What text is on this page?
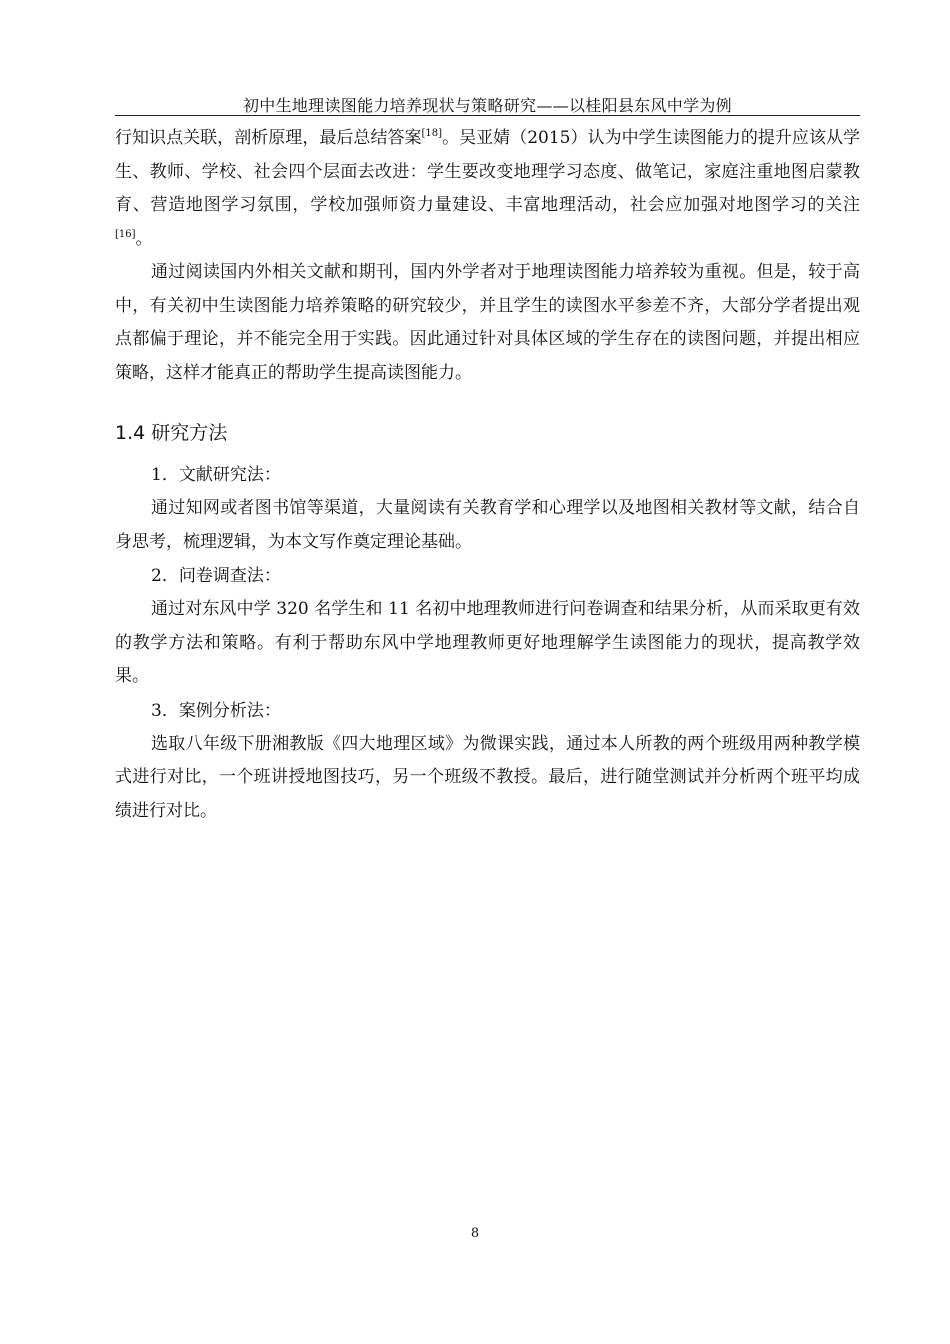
初中生地理读图能力培养现状与策略研究——以桂阳县东风中学为例

行知识点关联，剖析原理，最后总结答案[18]。吴亚婧（2015）认为中学生读图能力的提升应该从学生、教师、学校、社会四个层面去改进：学生要改变地理学习态度、做笔记，家庭注重地图启蒙教育、营造地图学习氛围，学校加强师资力量建设、丰富地理活动，社会应加强对地图学习的关注[16]。

通过阅读国内外相关文献和期刊，国内外学者对于地理读图能力培养较为重视。但是，较于高中，有关初中生读图能力培养策略的研究较少，并且学生的读图水平参差不齐，大部分学者提出观点都偏于理论，并不能完全用于实践。因此通过针对具体区域的学生存在的读图问题，并提出相应策略，这样才能真正的帮助学生提高读图能力。

1.4 研究方法

1．文献研究法：

通过知网或者图书馆等渠道，大量阅读有关教育学和心理学以及地图相关教材等文献，结合自身思考，梳理逻辑，为本文写作奠定理论基础。

2．问卷调查法：

通过对东风中学 320 名学生和 11 名初中地理教师进行问卷调查和结果分析，从而采取更有效的教学方法和策略。有利于帮助东风中学地理教师更好地理解学生读图能力的现状，提高教学效果。

3．案例分析法：

选取八年级下册湘教版《四大地理区域》为微课实践，通过本人所教的两个班级用两种教学模式进行对比，一个班讲授地图技巧，另一个班级不教授。最后，进行随堂测试并分析两个班平均成绩进行对比。

8
